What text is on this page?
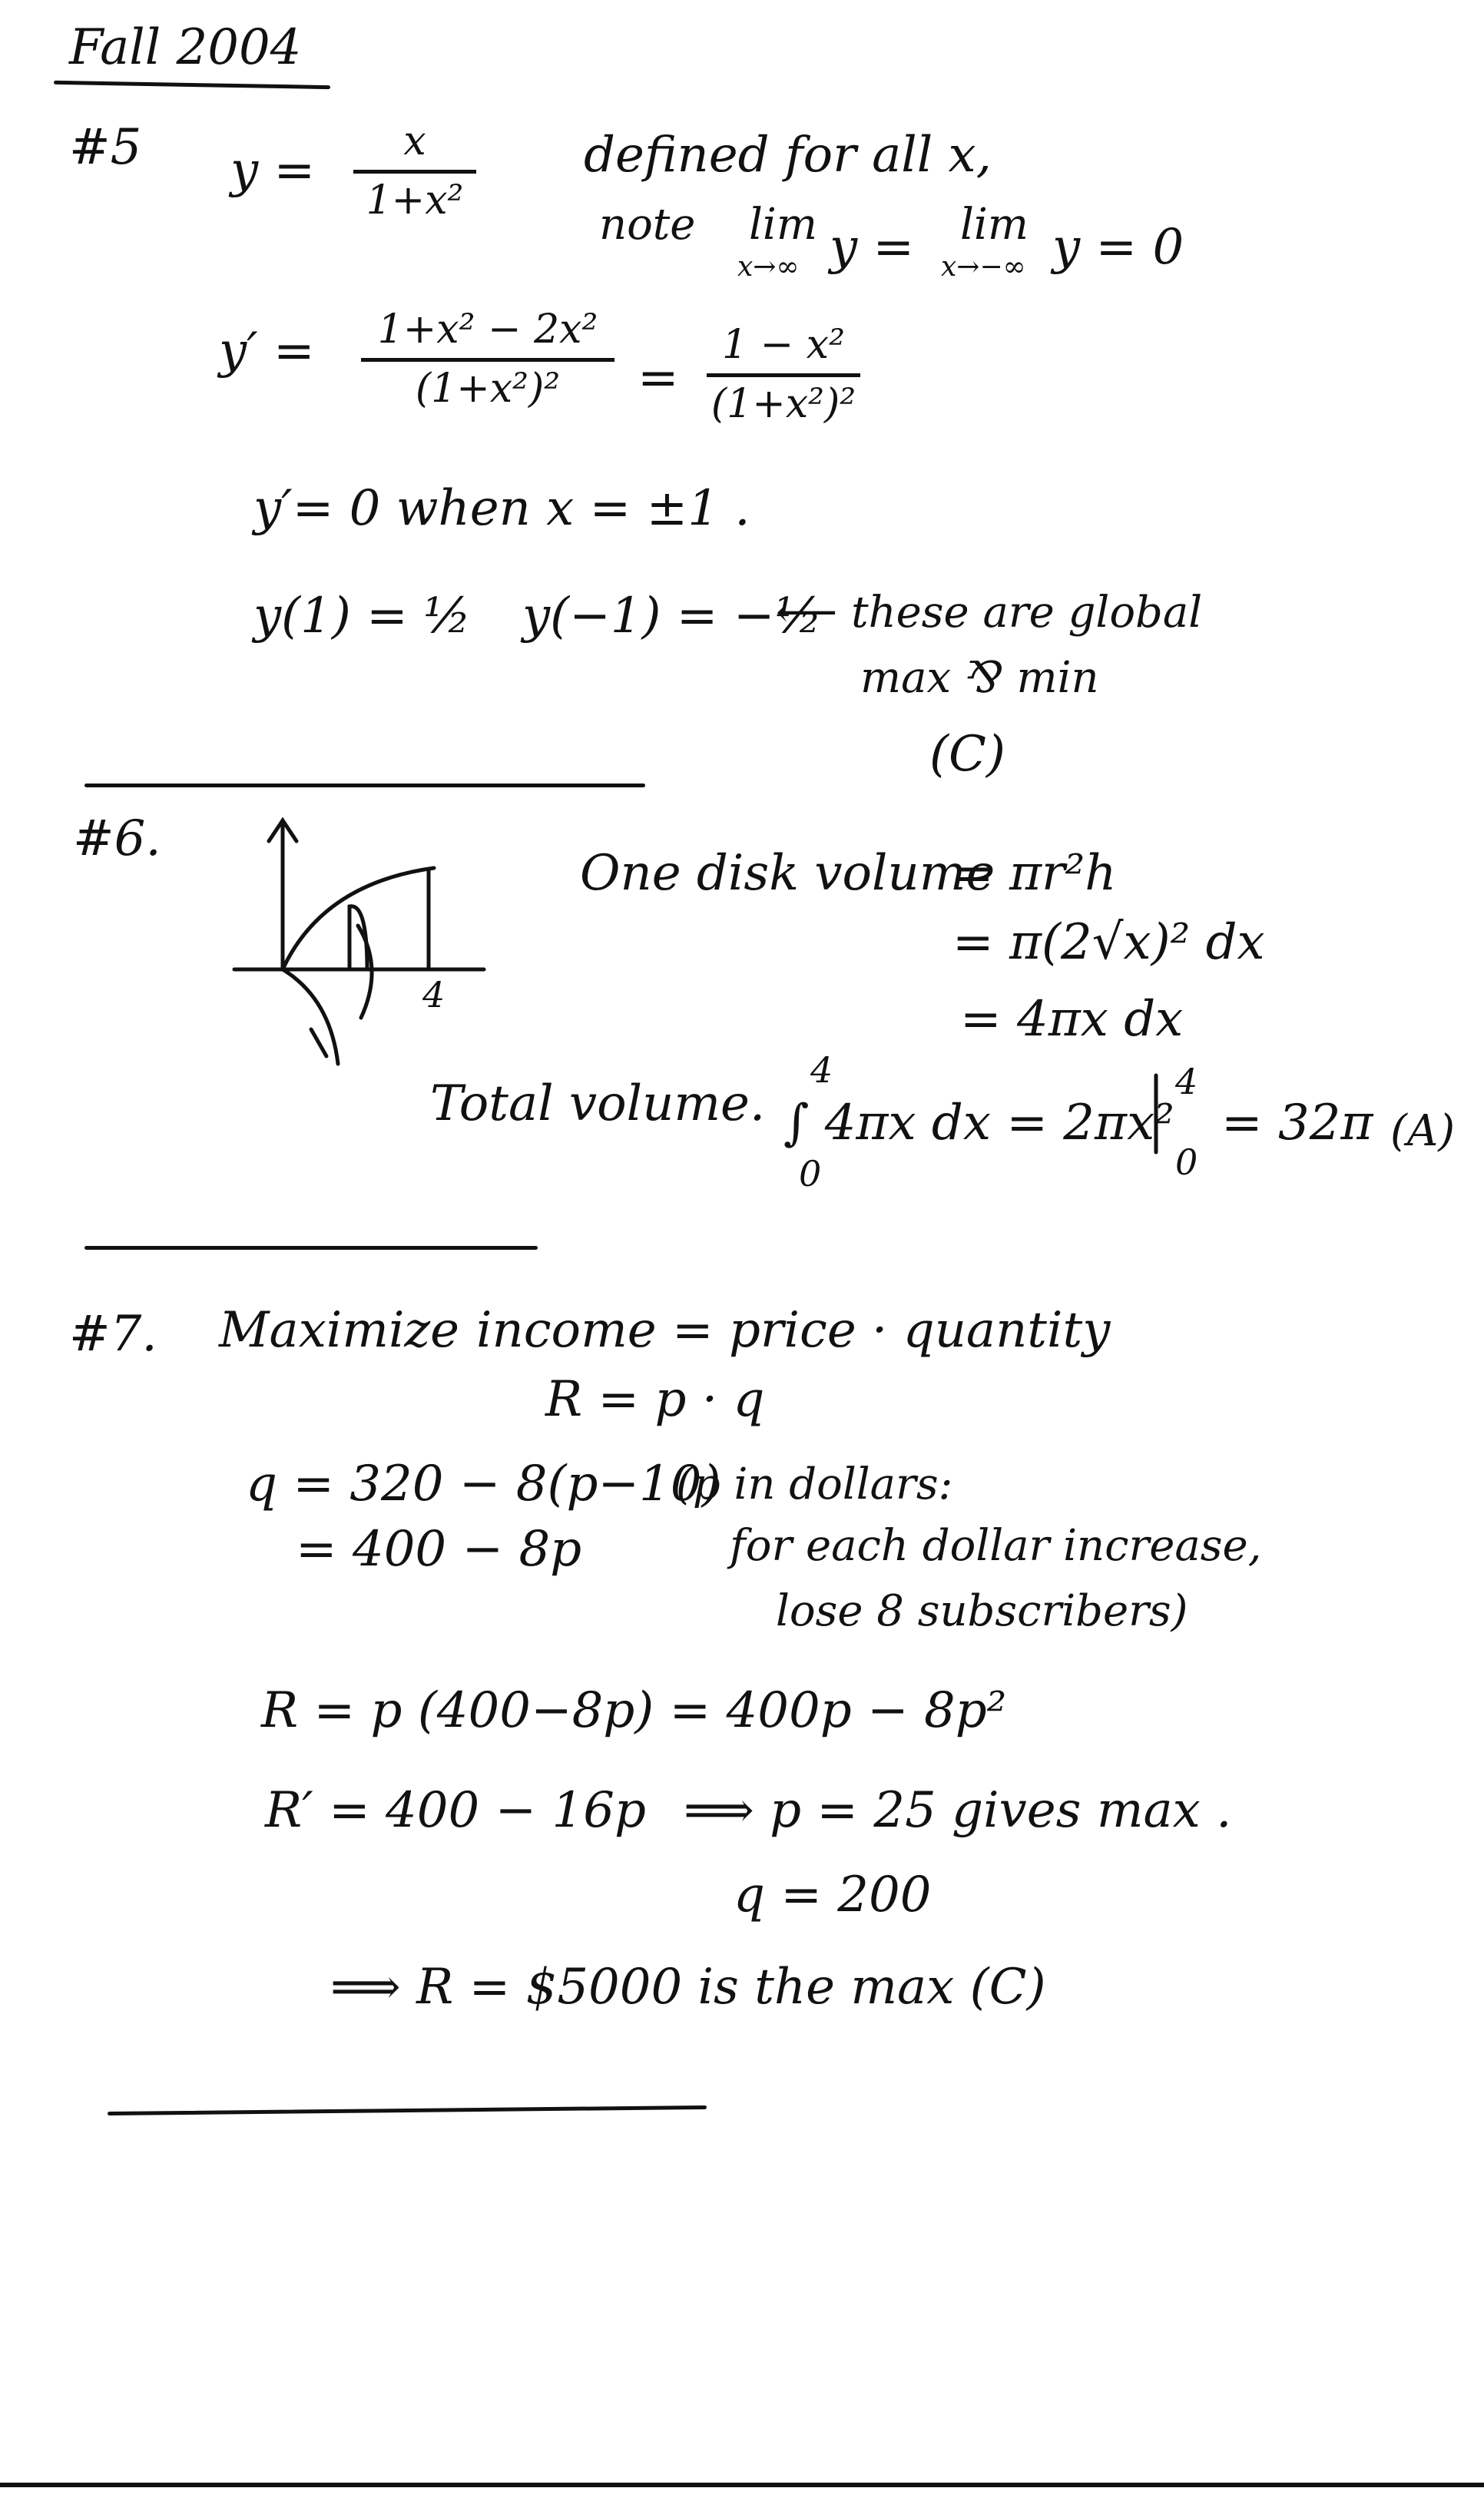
Fall 2004
#5 y =
x
1+x²
defined for all x,
note lim
x→∞ y = lim
x→−∞ y = 0
y′ =	1+x² − 2x²
(1+x²)²	=
1 − x²
(1+x²)²
y′= 0 when x = ±1 .
y(1) = ½ y(−1) = −½
⟵ these are global
max ⅋ min
(C)
#6.
4
One disk volume
= πr²h
= π(2√x)² dx
= 4πx dx
Total volume.
4
∫ 4πx dx = 2πx²
0
4
0
= 32π (A)
#7. Maximize income = price · quantity
R = p · q
q = 320 − 8(p−10)
(p in dollars:
= 400 − 8p	for each dollar increase,
lose 8 subscribers)
R = p (400−8p) = 400p − 8p²
R′ = 400 − 16p ⟹ p = 25 gives max .
q = 200
⟹ R = $5000 is the max (C)
